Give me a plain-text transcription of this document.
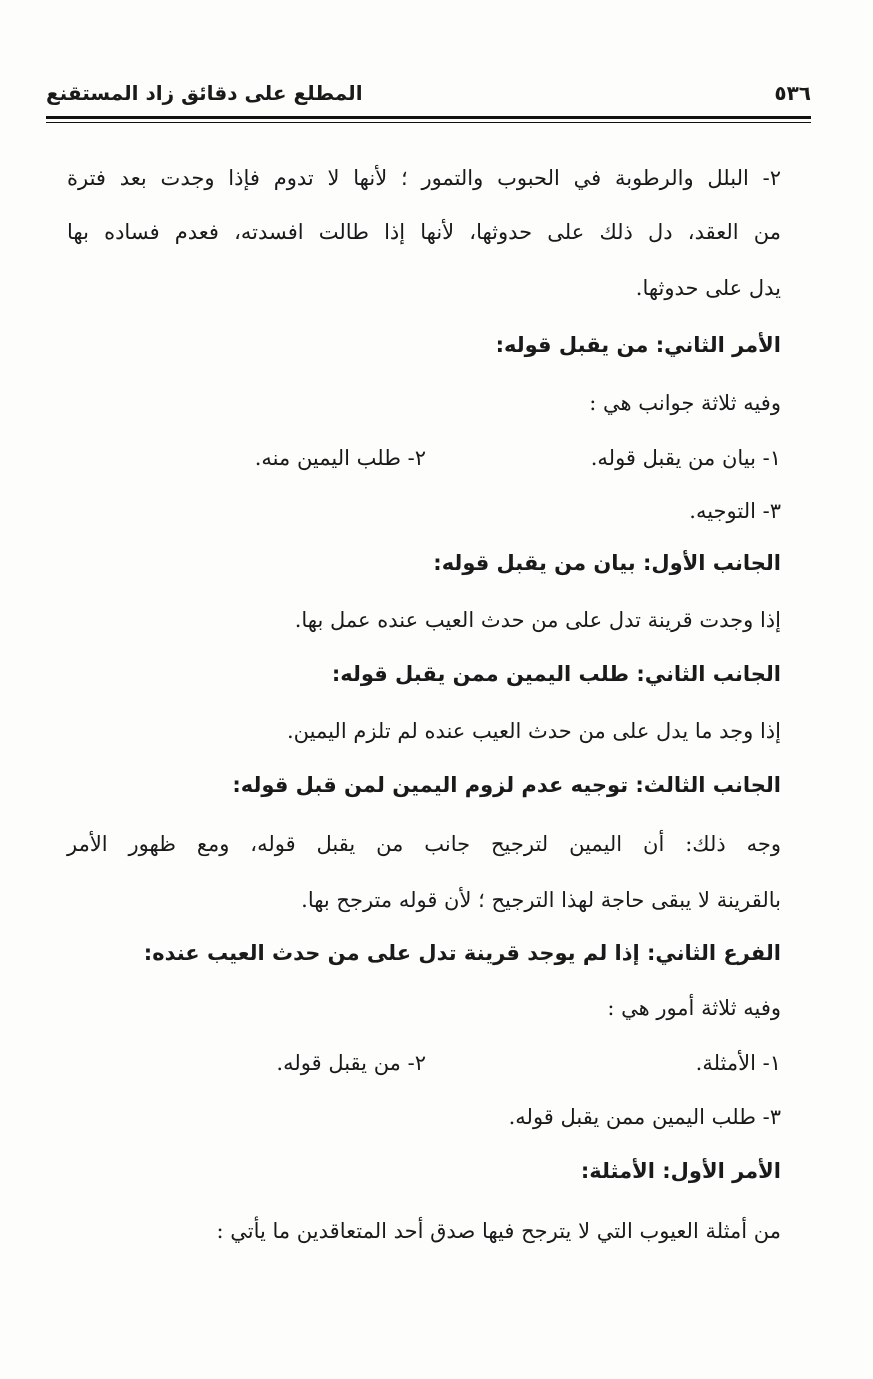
٥٣٦
المطلع على دقائق زاد المستقنع
٢- البلل والرطوبة في الحبوب والتمور ؛ لأنها لا تدوم فإذا وجدت بعد فترة
من العقد، دل ذلك على حدوثها، لأنها إذا طالت افسدته، فعدم فساده بها
يدل على حدوثها.
الأمر الثاني: من يقبل قوله:
وفيه ثلاثة جوانب هي :
١- بيان من يقبل قوله.
٢- طلب اليمين منه.
٣- التوجيه.
الجانب الأول: بيان من يقبل قوله:
إذا وجدت قرينة تدل على من حدث العيب عنده عمل بها.
الجانب الثاني: طلب اليمين ممن يقبل قوله:
إذا وجد ما يدل على من حدث العيب عنده لم تلزم اليمين.
الجانب الثالث: توجيه عدم لزوم اليمين لمن قبل قوله:
وجه ذلك: أن اليمين لترجيح جانب من يقبل قوله، ومع ظهور الأمر
بالقرينة لا يبقى حاجة لهذا الترجيح ؛ لأن قوله مترجح بها.
الفرع الثاني: إذا لم يوجد قرينة تدل على من حدث العيب عنده:
وفيه ثلاثة أمور هي :
١- الأمثلة.
٢- من يقبل قوله.
٣- طلب اليمين ممن يقبل قوله.
الأمر الأول: الأمثلة:
من أمثلة العيوب التي لا يترجح فيها صدق أحد المتعاقدين ما يأتي :
